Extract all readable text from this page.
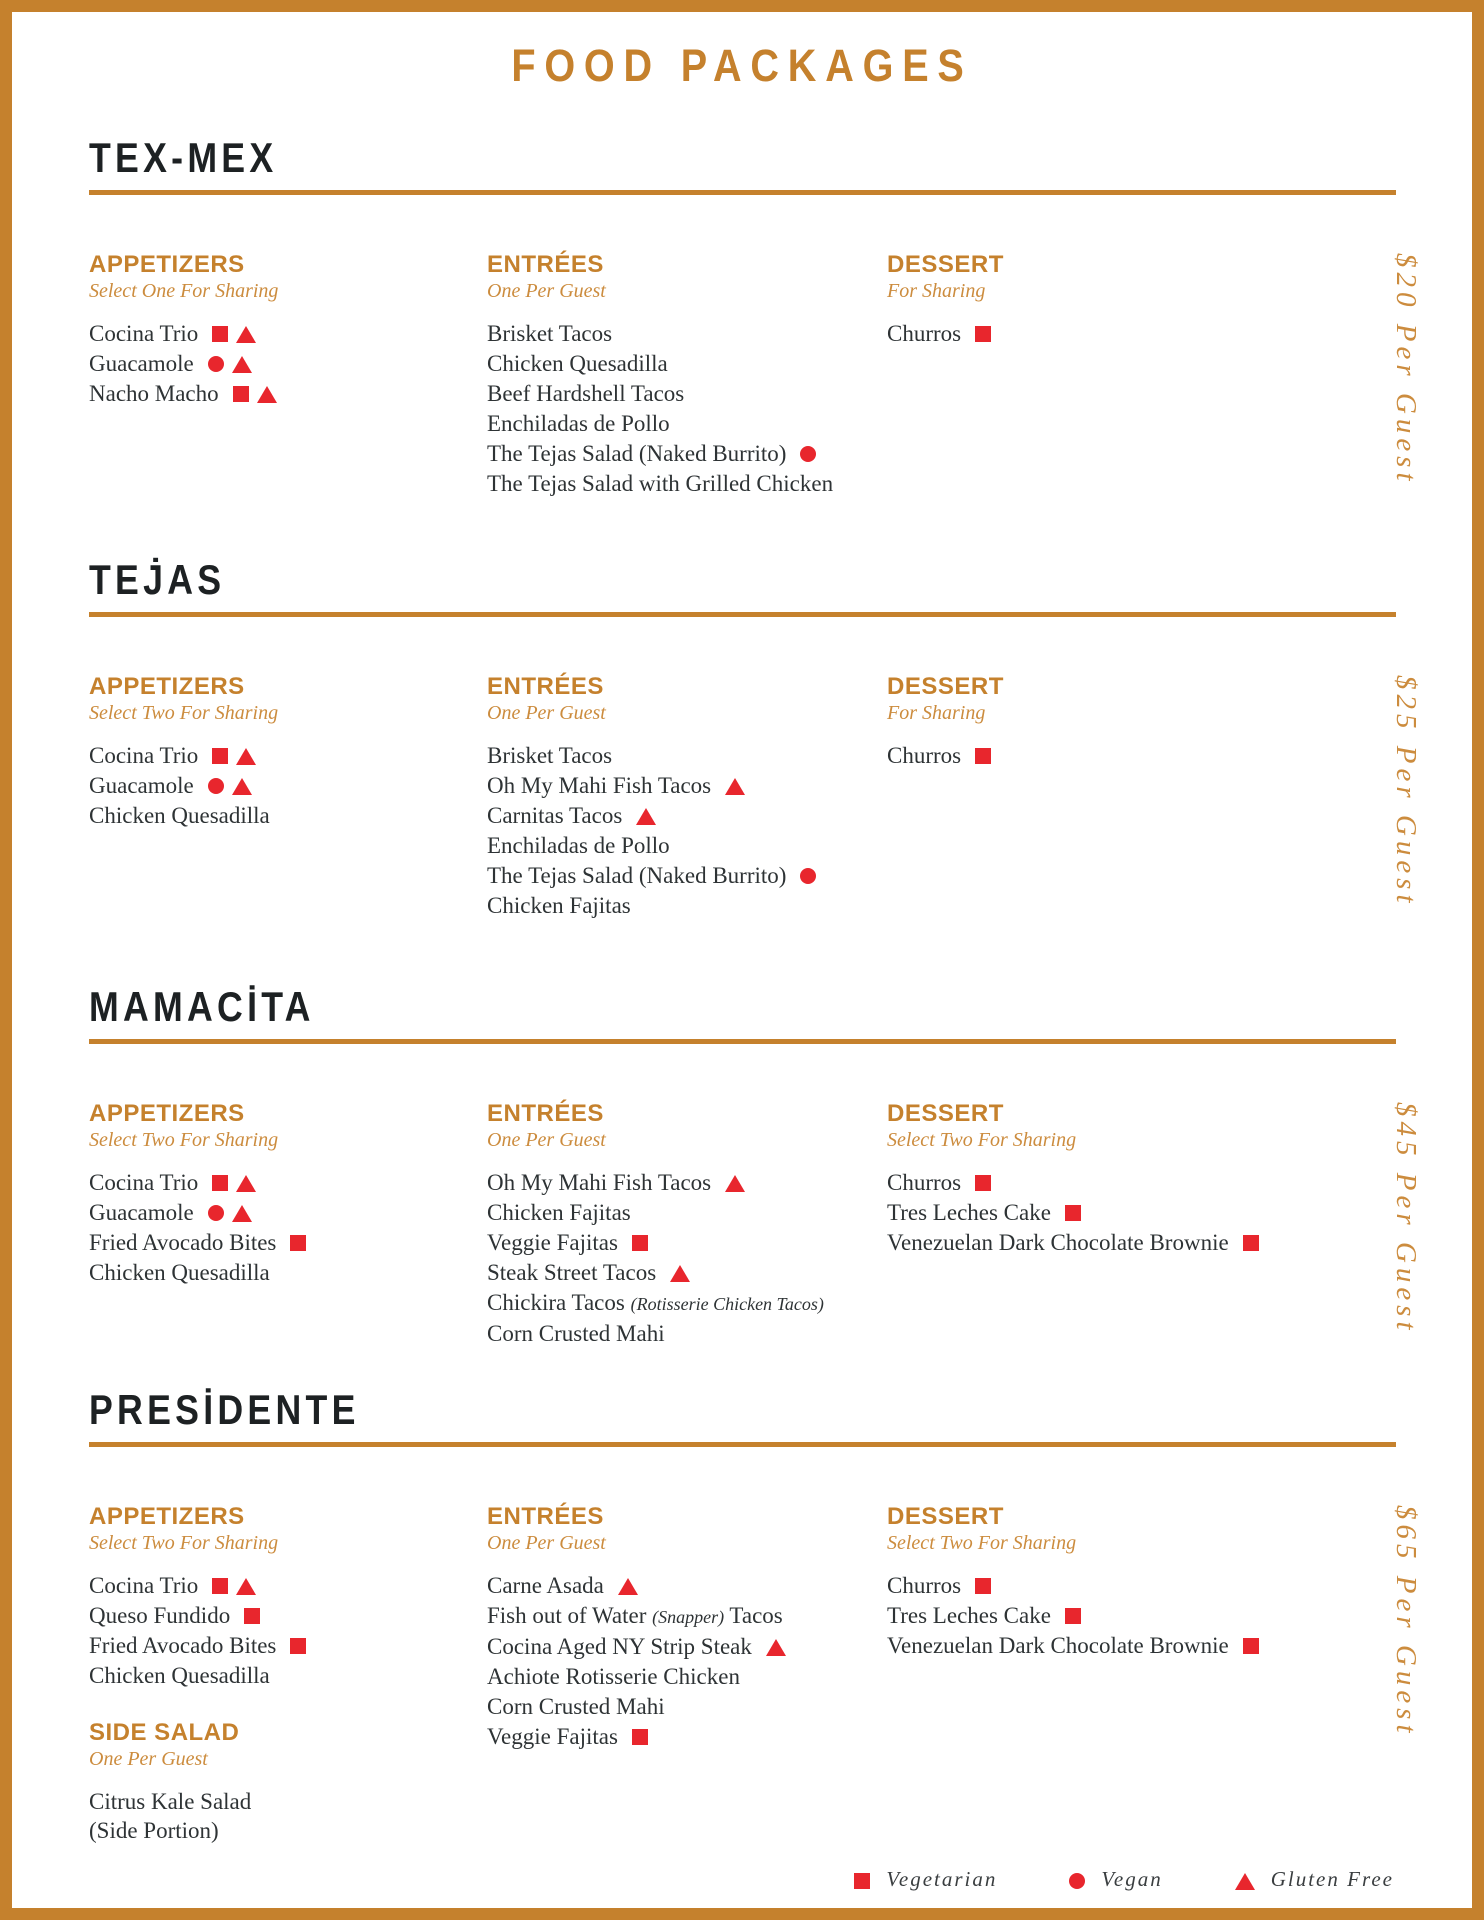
FOOD PACKAGES
TEX-MEX
APPETIZERS
Select One For Sharing
Cocina Trio
Guacamole
Nacho Macho
ENTRÉES
One Per Guest
Brisket Tacos
Chicken Quesadilla
Beef Hardshell Tacos
Enchiladas de Pollo
The Tejas Salad (Naked Burrito)
The Tejas Salad with Grilled Chicken
DESSERT
For Sharing
Churros	$20 Per Guest
TEJ̇AS
APPETIZERS
Select Two For Sharing
Cocina Trio
Guacamole
Chicken Quesadilla
ENTRÉES
One Per Guest
Brisket Tacos
Oh My Mahi Fish Tacos
Carnitas Tacos
Enchiladas de Pollo
The Tejas Salad (Naked Burrito)
Chicken Fajitas
DESSERT
For Sharing
Churros	$25 Per Guest
MAMACİTA
APPETIZERS
Select Two For Sharing
Cocina Trio
Guacamole
Fried Avocado Bites
Chicken Quesadilla
ENTRÉES
One Per Guest
Oh My Mahi Fish Tacos
Chicken Fajitas
Veggie Fajitas
Steak Street Tacos
Chickira Tacos (Rotisserie Chicken Tacos)
Corn Crusted Mahi
DESSERT
Select Two For Sharing
Churros
Tres Leches Cake
Venezuelan Dark Chocolate Brownie	$45 Per Guest
PRESİDENTE
APPETIZERS
Select Two For Sharing
Cocina Trio
Queso Fundido
Fried Avocado Bites
Chicken Quesadilla
SIDE SALAD
One Per Guest
Citrus Kale Salad
(Side Portion)
ENTRÉES
One Per Guest
Carne Asada
Fish out of Water (Snapper) Tacos
Cocina Aged NY Strip Steak
Achiote Rotisserie Chicken
Corn Crusted Mahi
Veggie Fajitas
DESSERT
Select Two For Sharing
Churros
Tres Leches Cake
Venezuelan Dark Chocolate Brownie	$65 Per Guest
Vegetarian	Vegan	Gluten Free
